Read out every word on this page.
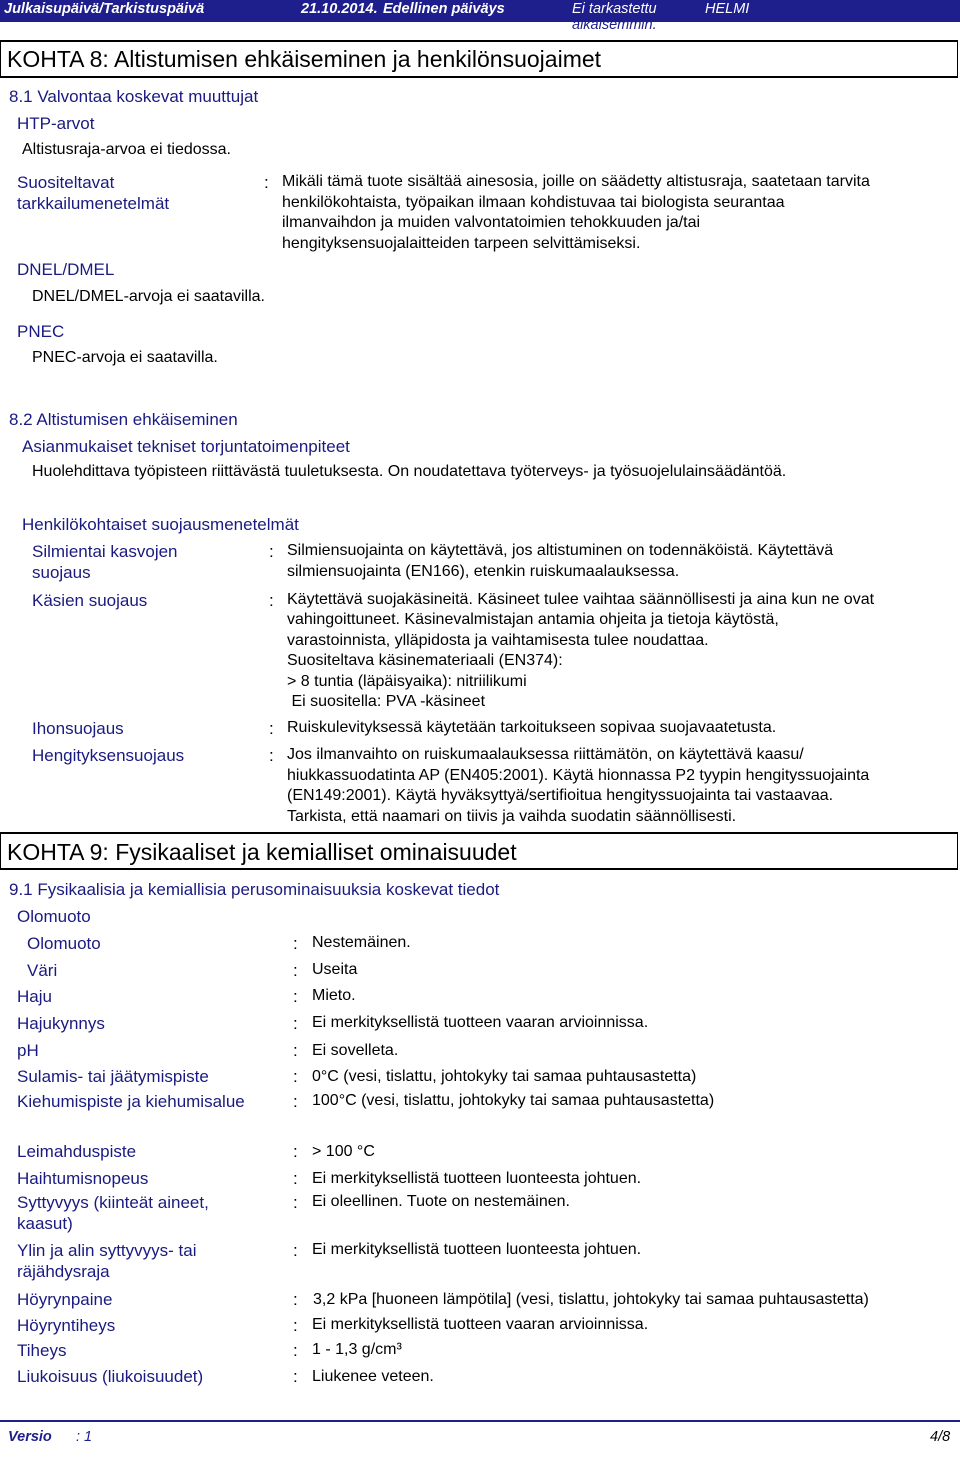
Julkaisupäivä/Tarkistuspäivä	21.10.2014. Edellinen päiväys	Ei tarkastettu
aikaisemmin.
HELMI
KOHTA 8: Altistumisen ehkäiseminen ja henkilönsuojaimet
8.1 Valvontaa koskevat muuttujat
HTP-arvot
Altistusraja-arvoa ei tiedossa.
Suositeltavat
tarkkailumenetelmät
: Mikäli tämä tuote sisältää ainesosia, joille on säädetty altistusraja, saatetaan tarvita
henkilökohtaista, työpaikan ilmaan kohdistuvaa tai biologista seurantaa
ilmanvaihdon ja muiden valvontatoimien tehokkuuden ja/tai
hengityksensuojalaitteiden tarpeen selvittämiseksi.
DNEL/DMEL
DNEL/DMEL-arvoja ei saatavilla.
PNEC
PNEC-arvoja ei saatavilla.
8.2 Altistumisen ehkäiseminen
Asianmukaiset tekniset torjuntatoimenpiteet
Huolehdittava työpisteen riittävästä tuuletuksesta. On noudatettava työterveys- ja työsuojelulainsäädäntöä.
Henkilökohtaiset suojausmenetelmät
Silmientai kasvojen
suojaus
: Silmiensuojainta on käytettävä, jos altistuminen on todennäköistä. Käytettävä
silmiensuojainta (EN166), etenkin ruiskumaalauksessa.
Käsien suojaus	: Käytettävä suojakäsineitä. Käsineet tulee vaihtaa säännöllisesti ja aina kun ne ovat
vahingoittuneet. Käsinevalmistajan antamia ohjeita ja tietoja käytöstä,
varastoinnista, ylläpidosta ja vaihtamisesta tulee noudattaa.
Suositeltava käsinemateriaali (EN374):
> 8 tuntia (läpäisyaika): nitriilikumi
Ei suositella: PVA -käsineet
Ihonsuojaus	: Ruiskulevityksessä käytetään tarkoitukseen sopivaa suojavaatetusta.
Hengityksensuojaus	: Jos ilmanvaihto on ruiskumaalauksessa riittämätön, on käytettävä kaasu/
hiukkassuodatinta AP (EN405:2001). Käytä hionnassa P2 tyypin hengityssuojainta
(EN149:2001). Käytä hyväksyttyä/sertifioitua hengityssuojainta tai vastaavaa.
Tarkista, että naamari on tiivis ja vaihda suodatin säännöllisesti.
KOHTA 9: Fysikaaliset ja kemialliset ominaisuudet
9.1 Fysikaalisia ja kemiallisia perusominaisuuksia koskevat tiedot
Olomuoto
Olomuoto	: Nestemäinen.
Väri	: Useita
Haju	: Mieto.
Hajukynnys	: Ei merkityksellistä tuotteen vaaran arvioinnissa.
pH	: Ei sovelleta.
Sulamis- tai jäätymispiste	: 0°C (vesi, tislattu, johtokyky tai samaa puhtausastetta)
Kiehumispiste ja kiehumisalue	: 100°C (vesi, tislattu, johtokyky tai samaa puhtausastetta)
Leimahduspiste	: > 100 °C
Haihtumisnopeus	: Ei merkityksellistä tuotteen luonteesta johtuen.
Syttyvyys (kiinteät aineet,
kaasut)
: Ei oleellinen. Tuote on nestemäinen.
Ylin ja alin syttyvyys- tai
räjähdysraja
: Ei merkityksellistä tuotteen luonteesta johtuen.
Höyrynpaine	: 3,2 kPa [huoneen lämpötila] (vesi, tislattu, johtokyky tai samaa puhtausastetta)
Höyryntiheys	: Ei merkityksellistä tuotteen vaaran arvioinnissa.
Tiheys	: 1 - 1,3 g/cm³
Liukoisuus (liukoisuudet)	: Liukenee veteen.
Versio : 1	4/8
